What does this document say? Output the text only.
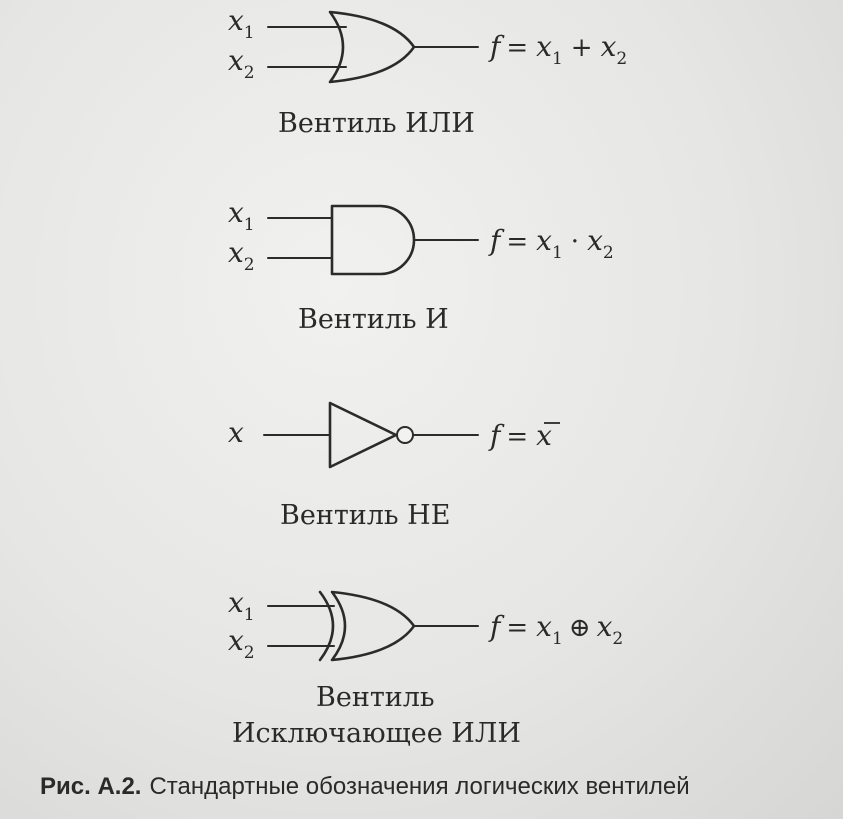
$x_1$
$x_2$
$f = x_1 + x_2$
Вентиль ИЛИ
$x_1$
$x_2$
$f = x_1 \cdot x_2$
Вентиль И
x	f = x
Вентиль НЕ
$x_1$
$x_2$
$f = x_1$ ⊕ $x_2$
Вентиль
Исключающее ИЛИ
Рис. А.2. Стандартные обозначения логических вентилей
